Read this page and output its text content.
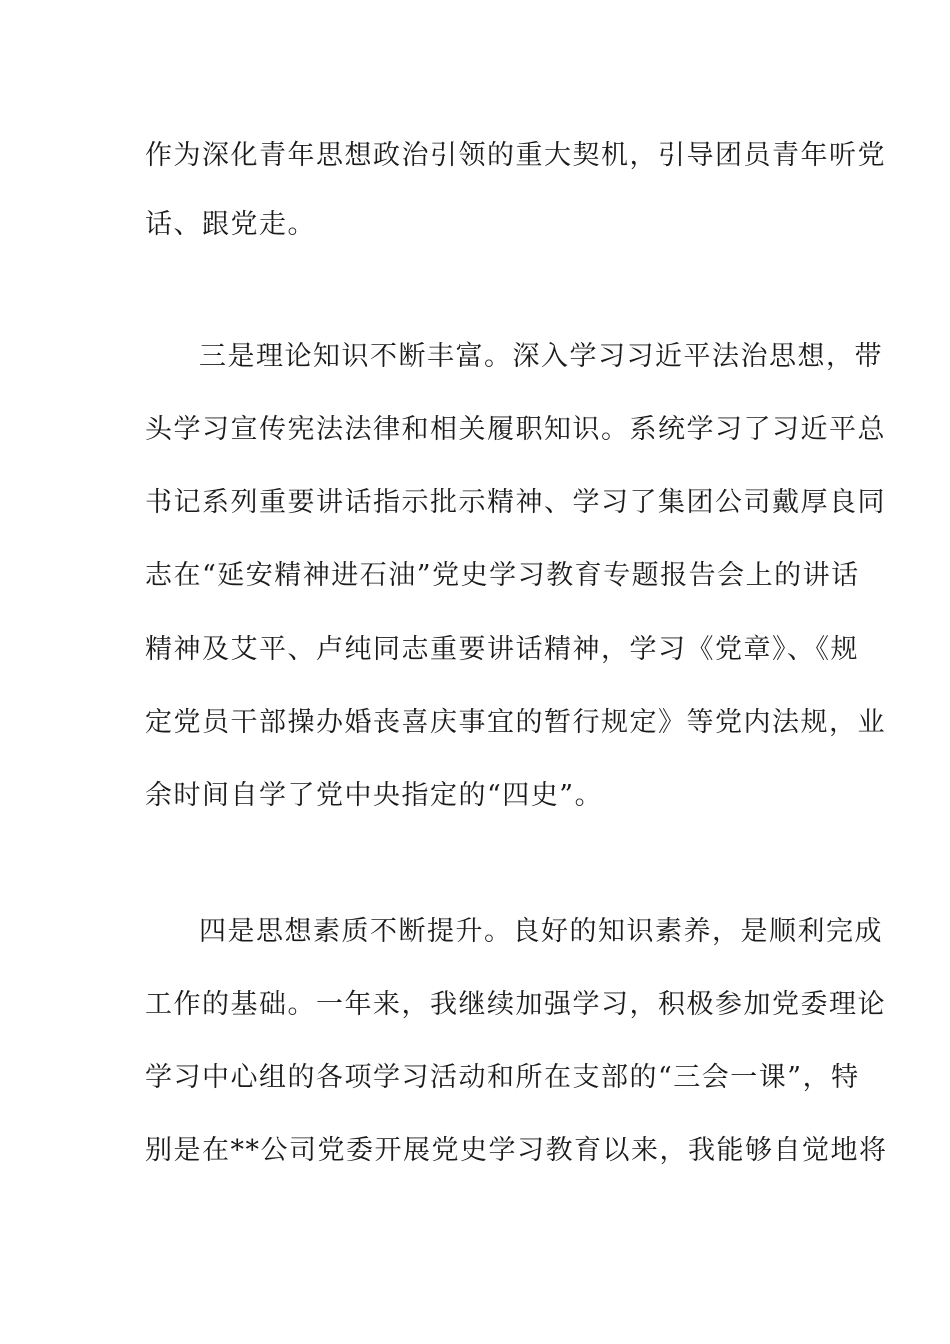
作为深化青年思想政治引领的重大契机，引导团员青年听党
话、跟党走。
三是理论知识不断丰富。深入学习习近平法治思想，带
头学习宣传宪法法律和相关履职知识。系统学习了习近平总
书记系列重要讲话指示批示精神、学习了集团公司戴厚良同
志在“延安精神进石油”党史学习教育专题报告会上的讲话
精神及艾平、卢纯同志重要讲话精神，学习《党章》、《规
定党员干部操办婚丧喜庆事宜的暂行规定》等党内法规，业
余时间自学了党中央指定的“四史”。
四是思想素质不断提升。良好的知识素养，是顺利完成
工作的基础。一年来，我继续加强学习，积极参加党委理论
学习中心组的各项学习活动和所在支部的“三会一课”，特
别是在**公司党委开展党史学习教育以来，我能够自觉地将
